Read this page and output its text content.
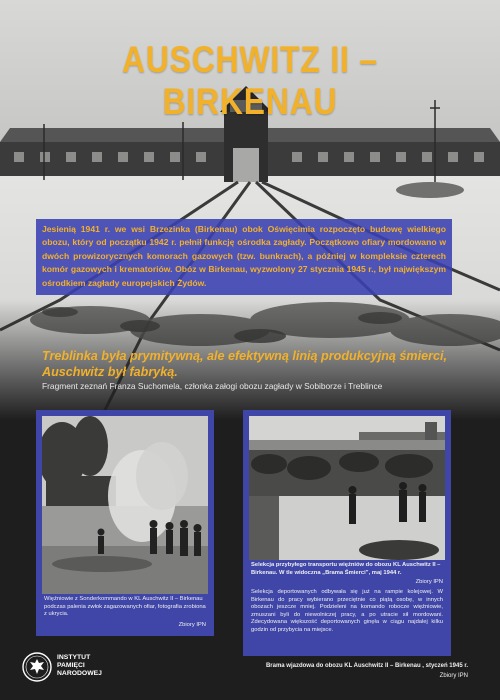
AUSCHWITZ II – BIRKENAU

Jesienią 1941 r. we wsi Brzezinka (Birkenau) obok Oświęcimia rozpoczęto budowę wielkiego obozu, który od początku 1942 r. pełnił funkcję ośrodka zagłady. Początkowo ofiary mordowano w dwóch prowizorycznych komorach gazowych (tzw. bunkrach), a później w kompleksie czterech komór gazowych i krematoriów. Obóz w Birkenau, wyzwolony 27 stycznia 1945 r., był największym ośrodkiem zagłady europejskich Żydów.

Treblinka była prymitywną, ale efektywną linią produkcyjną śmierci, Auschwitz był fabryką.

Fragment zeznań Franza Suchomela, członka załogi obozu zagłady w Sobiborze i Treblince

Więźniowie z Sonderkommando w KL Auschwitz II – Birkenau podczas palenia zwłok zagazowanych ofiar, fotografia zrobiona z ukrycia.

Zbiory IPN

Selekcja przybyłego transportu więźniów do obozu KL Auschwitz II – Birkenau. W tle widoczna „Brama Śmierci”, maj 1944 r.

Zbiory IPN

Selekcja deportowanych odbywała się już na rampie kolejowej. W Birkenau do pracy wybierano przeciętnie co piątą osobę, w innych obozach jeszcze mniej. Podzieleni na komando robocze więźniowie, zmuszani byli do niewolniczej pracy, a po utracie sił mordowani. Zdecydowana większość deportowanych ginęła w ciągu najdalej kilku godzin od przybycia na miejsce.

INSTYTUT
PAMIĘCI
NARODOWEJ

Brama wjazdowa do obozu KL Auschwitz II – Birkenau , styczeń 1945 r.

Zbiory IPN
